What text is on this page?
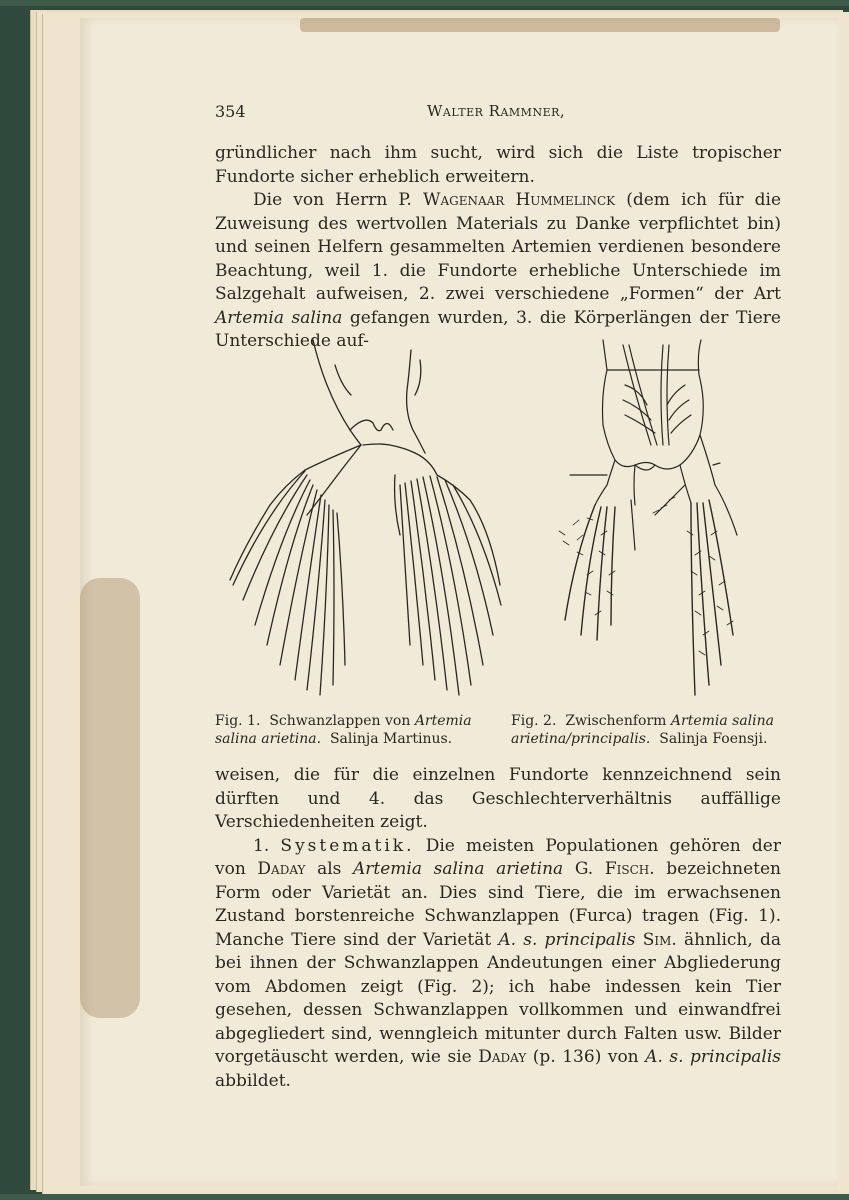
354	Walter Rammner,

gründlicher nach ihm sucht, wird sich die Liste tropischer Fundorte sicher erheblich erweitern.

Die von Herrn P. Wagenaar Hummelinck (dem ich für die Zuweisung des wertvollen Materials zu Danke verpflichtet bin) und seinen Helfern gesammelten Artemien verdienen besondere Beachtung, weil 1. die Fundorte erhebliche Unterschiede im Salzgehalt aufweisen, 2. zwei verschiedene „Formen“ der Art Artemia salina gefangen wurden, 3. die Körperlängen der Tiere Unterschiede auf-

Fig. 1. Schwanzlappen von Artemia salina arietina. Salinja Martinus.
Fig. 2. Zwischenform Artemia salina arietina/principalis. Salinja Foensji.

weisen, die für die einzelnen Fundorte kennzeichnend sein dürften und 4. das Geschlechterverhältnis auffällige Verschiedenheiten zeigt.

1. Systematik. Die meisten Populationen gehören der von Daday als Artemia salina arietina G. Fisch. bezeichneten Form oder Varietät an. Dies sind Tiere, die im erwachsenen Zustand borstenreiche Schwanzlappen (Furca) tragen (Fig. 1). Manche Tiere sind der Varietät A. s. principalis Sim. ähnlich, da bei ihnen der Schwanzlappen Andeutungen einer Abgliederung vom Abdomen zeigt (Fig. 2); ich habe indessen kein Tier gesehen, dessen Schwanzlappen vollkommen und einwandfrei abgegliedert sind, wenngleich mitunter durch Falten usw. Bilder vorgetäuscht werden, wie sie Daday (p. 136) von A. s. principalis abbildet.
